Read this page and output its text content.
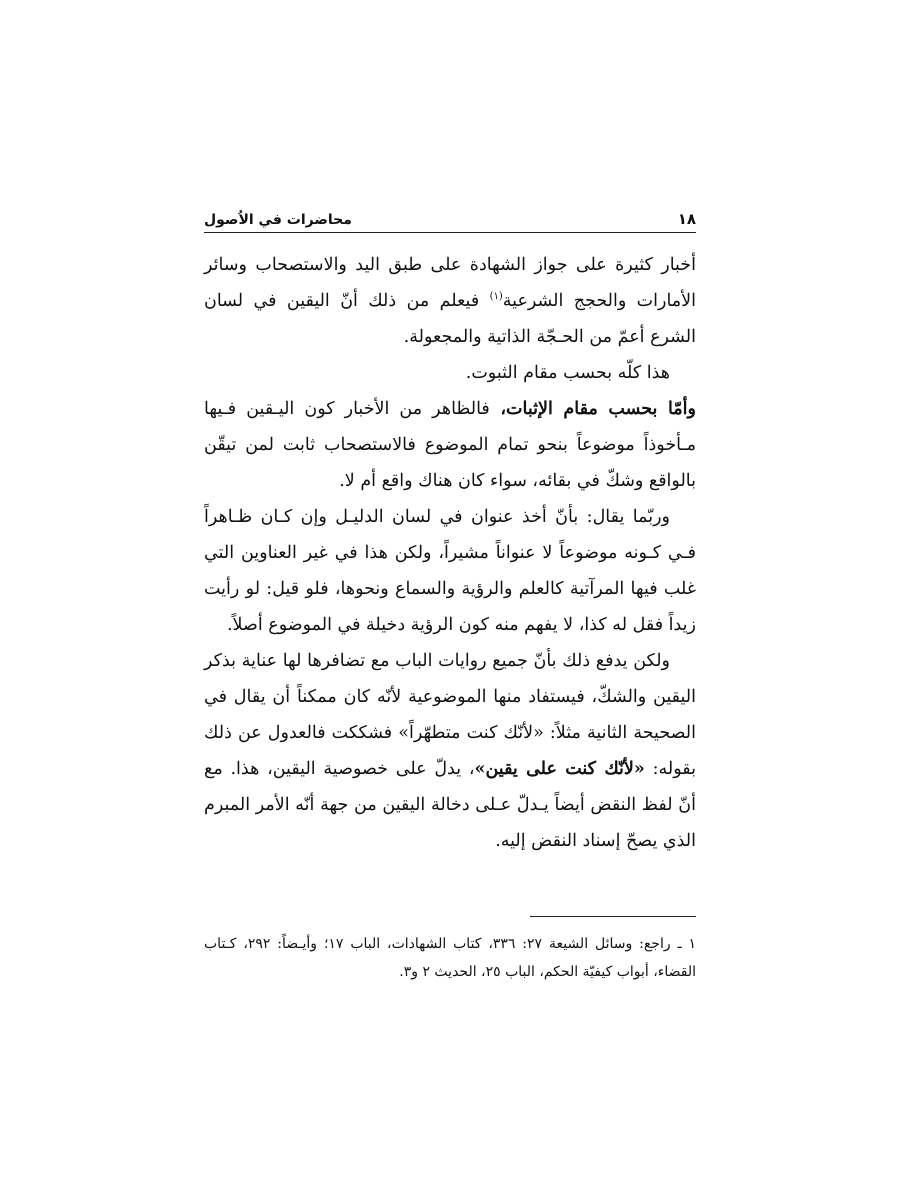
١٨
محاضرات في الاُصول

أخبار كثيرة على جواز الشهادة على طبق اليد والاستصحاب وسائر الأمارات والحجج الشرعية$^{(١)}$ فيعلم من ذلك أنّ اليقين في لسان الشرع أعمّ من الحـجّة الذاتية والمجعولة.

هذا كلّه بحسب مقام الثبوت.

وأمّا بحسب مقام الإثبات، فالظاهر من الأخبار كون اليـقين فـيها مـأخوذاً موضوعاً بنحو تمام الموضوع فالاستصحاب ثابت لمن تيقّن بالواقع وشكّ في بقائه، سواء كان هناك واقع أم لا.

وربّما يقال: بأنّ أخذ عنوان في لسان الدليـل وإن كـان ظـاهراً فـي كـونه موضوعاً لا عنواناً مشيراً، ولكن هذا في غير العناوين التي غلب فيها المرآتية كالعلم والرؤية والسماع ونحوها، فلو قيل: لو رأيت زيداً فقل له كذا، لا يفهم منه كون الرؤية دخيلة في الموضوع أصلاً.

ولكن يدفع ذلك بأنّ جميع روايات الباب مع تضافرها لها عناية بذكر اليقين والشكّ، فيستفاد منها الموضوعية لأنّه كان ممكناً أن يقال في الصحيحة الثانية مثلاً: «لأنّك كنت متطهّراً» فشككت فالعدول عن ذلك بقوله: «لأنّك كنت على يقين»، يدلّ على خصوصية اليقين، هذا. مع أنّ لفظ النقض أيضاً يـدلّ عـلى دخالة اليقين من جهة أنّه الأمر المبرم الذي يصحّ إسناد النقض إليه.

١ ـ راجع: وسائل الشيعة ٢٧: ٣٣٦، كتاب الشهادات، الباب ١٧؛ وأيـضاً: ٢٩٢، كـتاب القضاء، أبواب كيفيّة الحكم، الباب ٢٥، الحديث ٢ و٣.
